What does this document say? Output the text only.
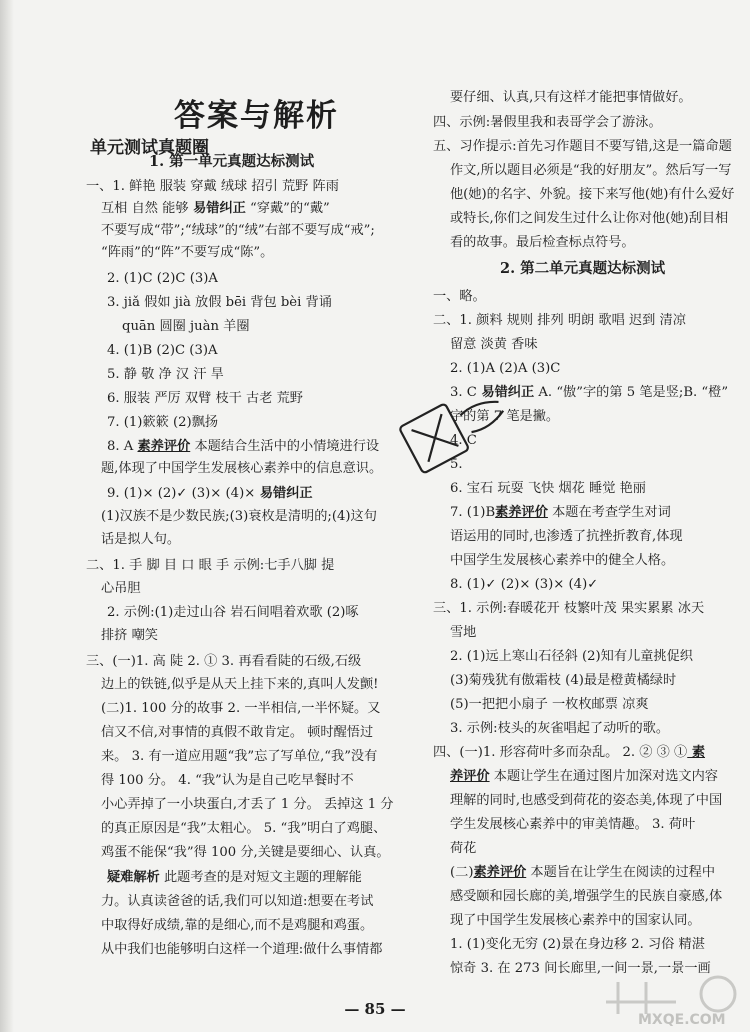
答案与解析
单元测试真题圈
1. 第一单元真题达标测试
一、1. 鲜艳 服装 穿戴 绒球 招引 荒野 阵雨
互相 自然 能够 易错纠正 “穿戴”的“戴”
不要写成“带”;“绒球”的“绒”右部不要写成“戒”;
“阵雨”的“阵”不要写成“陈”。
2. (1)C (2)C (3)A
3. jiǎ 假如 jià 放假 bēi 背包 bèi 背诵
quān 圆圈 juàn 羊圈
4. (1)B (2)C (3)A
5. 静 敬 净 汉 汗 旱
6. 服装 严厉 双臂 枝干 古老 荒野
7. (1)簌簌 (2)飘扬
8. A 素养评价 本题结合生活中的小情境进行设
题,体现了中国学生发展核心素养中的信息意识。
9. (1)× (2)✓ (3)× (4)× 易错纠正
(1)汉族不是少数民族;(3)衰枚是清明的;(4)这句
话是拟人句。
二、1. 手 脚 目 口 眼 手 示例:七手八脚 提
心吊胆
2. 示例:(1)走过山谷 岩石间唱着欢歌 (2)啄
排挤 嘲笑
三、(一)1. 高 陡 2. ① 3. 再看看陡的石级,石级
边上的铁链,似乎是从天上挂下来的,真叫人发颤!
(二)1. 100 分的故事 2. 一半相信,一半怀疑。又
信又不信,对事情的真假不敢肯定。 顿时醒悟过
来。 3. 有一道应用题“我”忘了写单位,“我”没有
得 100 分。 4. “我”认为是自己吃早餐时不
小心弄掉了一小块蛋白,才丢了 1 分。 丢掉这 1 分
的真正原因是“我”太粗心。 5. “我”明白了鸡腿、
鸡蛋不能保“我”得 100 分,关键是要细心、认真。
疑难解析 此题考查的是对短文主题的理解能
力。认真读爸爸的话,我们可以知道:想要在考试
中取得好成绩,靠的是细心,而不是鸡腿和鸡蛋。
从中我们也能够明白这样一个道理:做什么事情都
要仔细、认真,只有这样才能把事情做好。
四、示例:暑假里我和表哥学会了游泳。
五、习作提示:首先习作题目不要写错,这是一篇命题
作文,所以题目必须是“我的好朋友”。然后写一写
他(她)的名字、外貌。接下来写他(她)有什么爱好
或特长,你们之间发生过什么让你对他(她)刮目相
看的故事。最后检查标点符号。
2. 第二单元真题达标测试
一、略。
二、1. 颜料 规则 排列 明朗 歌唱 迟到 清凉
留意 淡黄 香味
2. (1)A (2)A (3)C
3. C 易错纠正 A. “傲”字的第 5 笔是竖;B. “橙”
字的第 7 笔是撇。
4. C
5.
6. 宝石 玩耍 飞快 烟花 睡觉 艳丽
7. (1)B素养评价 本题在考查学生对词
语运用的同时,也渗透了抗挫折教育,体现
中国学生发展核心素养中的健全人格。
8. (1)✓ (2)× (3)× (4)✓
三、1. 示例:春暖花开 枝繁叶茂 果实累累 冰天
雪地
2. (1)远上寒山石径斜 (2)知有儿童挑促织
(3)菊残犹有傲霜枝 (4)最是橙黄橘绿时
(5)一把把小扇子 一枚枚邮票 凉爽
3. 示例:枝头的灰雀唱起了动听的歌。
四、(一)1. 形容荷叶多而杂乱。 2. ② ③ ① 素
养评价 本题让学生在通过图片加深对选文内容
理解的同时,也感受到荷花的姿态美,体现了中国
学生发展核心素养中的审美情趣。 3. 荷叶
荷花
(二)素养评价 本题旨在让学生在阅读的过程中
感受颐和园长廊的美,增强学生的民族自豪感,体
现了中国学生发展核心素养中的国家认同。
1. (1)变化无穷 (2)景在身边移 2. 习俗 精湛
惊奇 3. 在 273 间长廊里,一间一景,一景一画
MXQE.COM
— 85 —
